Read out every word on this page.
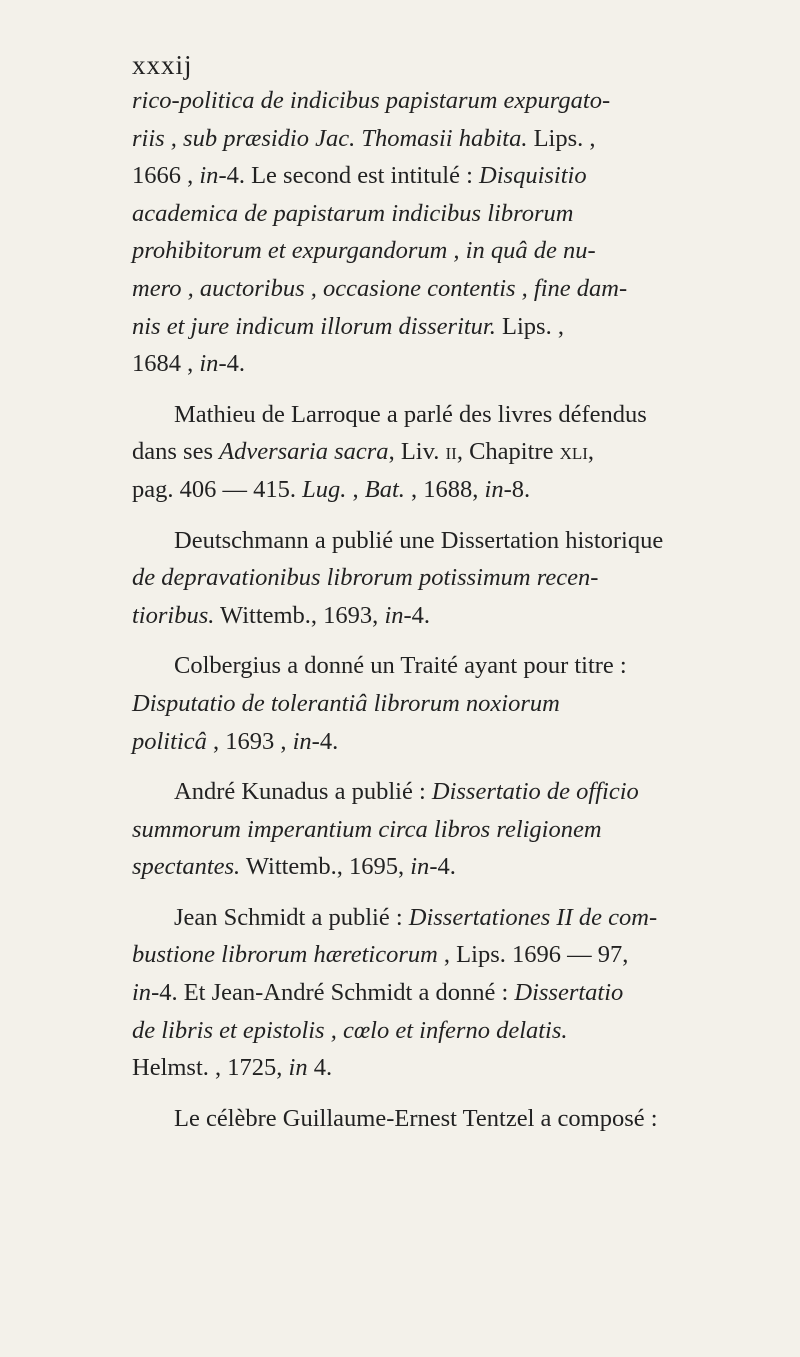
xxxij
rico-politica de indicibus papistarum expurgato-
riis , sub præsidio Jac. Thomasii habita. Lips. ,
1666 , in-4. Le second est intitulé : Disquisitio
academica de papistarum indicibus librorum
prohibitorum et expurgandorum , in quâ de nu-
mero , auctoribus , occasione contentis , fine dam-
nis et jure indicum illorum disseritur. Lips. ,
1684 , in-4.
Mathieu de Larroque a parlé des livres défendus
dans ses Adversaria sacra, Liv. ii, Chapitre xli,
pag. 406 — 415. Lug. , Bat. , 1688, in-8.
Deutschmann a publié une Dissertation historique
de depravationibus librorum potissimum recen-
tioribus. Wittemb., 1693, in-4.
Colbergius a donné un Traité ayant pour titre :
Disputatio de tolerantiâ librorum noxiorum
politicâ , 1693 , in-4.
André Kunadus a publié : Dissertatio de officio
summorum imperantium circa libros religionem
spectantes. Wittemb., 1695, in-4.
Jean Schmidt a publié : Dissertationes II de com-
bustione librorum hæreticorum , Lips. 1696 — 97,
in-4. Et Jean-André Schmidt a donné : Dissertatio
de libris et epistolis , cœlo et inferno delatis.
Helmst. , 1725, in 4.
Le célèbre Guillaume-Ernest Tentzel a composé :
